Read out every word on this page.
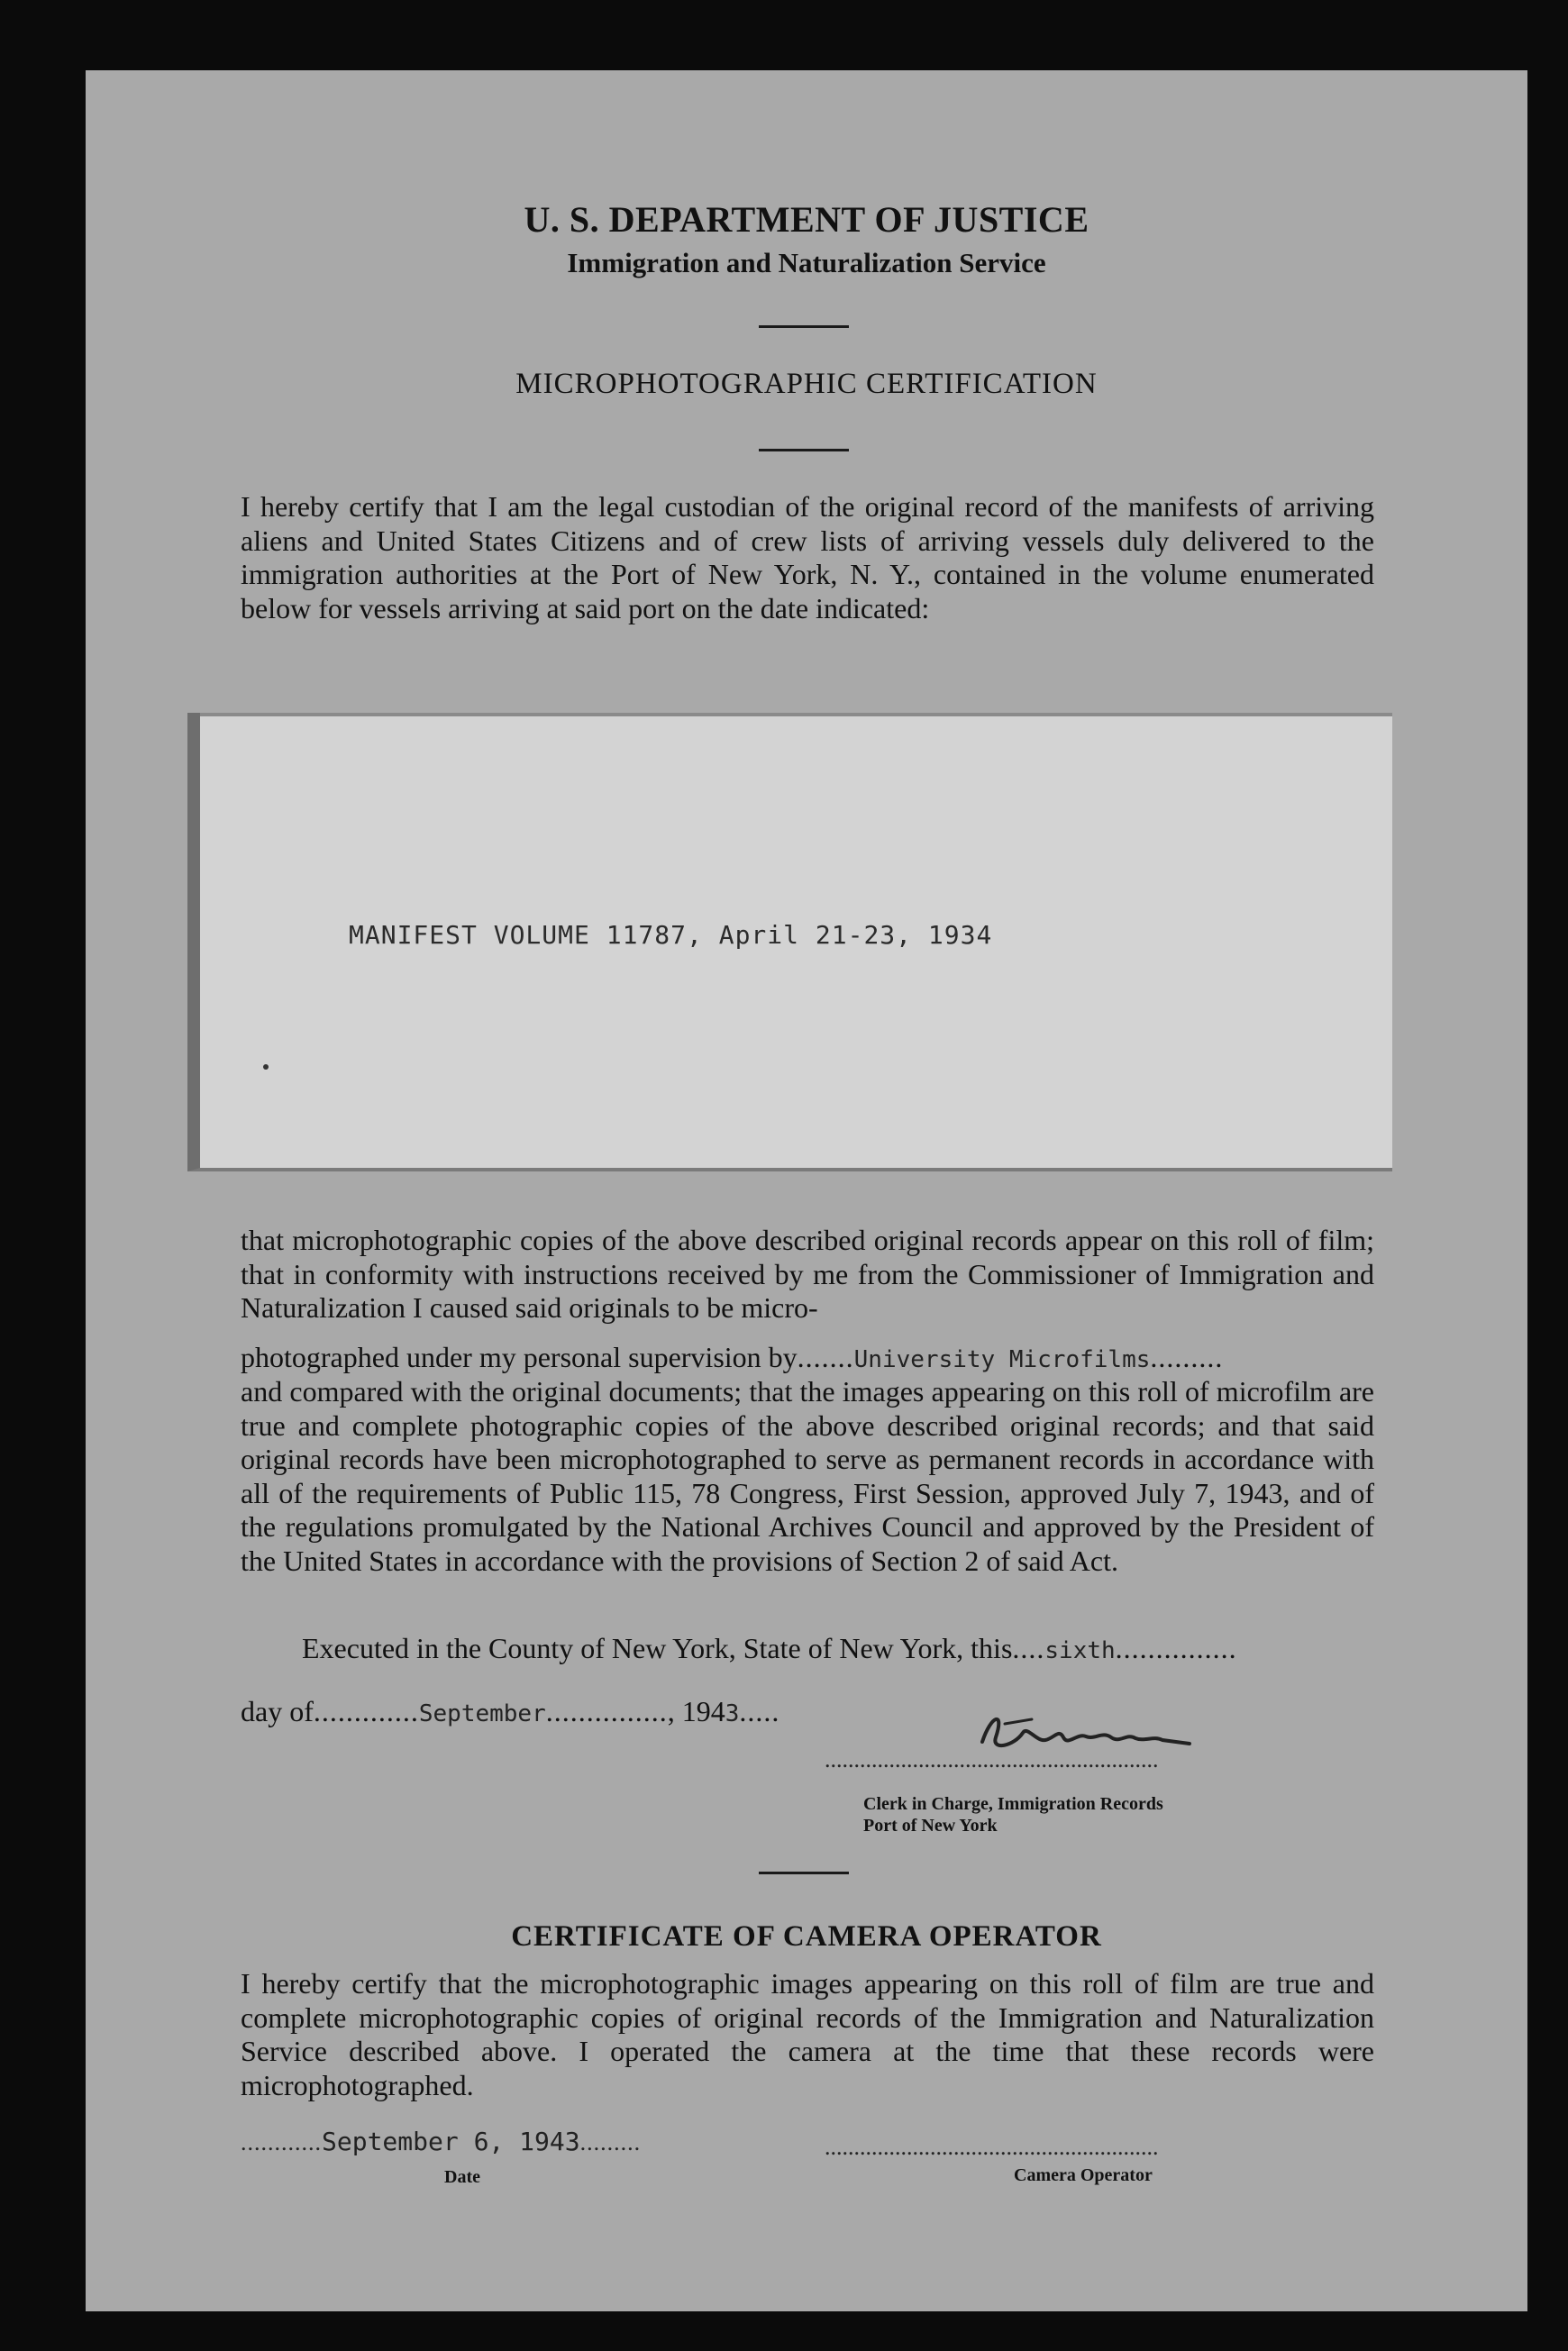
U. S. DEPARTMENT OF JUSTICE
Immigration and Naturalization Service
MICROPHOTOGRAPHIC CERTIFICATION

I hereby certify that I am the legal custodian of the original record of the manifests of arriving aliens and United States Citizens and of crew lists of arriving vessels duly delivered to the immigration authorities at the Port of New York, N. Y., contained in the volume enumerated below for vessels arriving at said port on the date indicated:

MANIFEST VOLUME 11787, April 21-23, 1934

that microphotographic copies of the above described original records appear on this roll of film; that in conformity with instructions received by me from the Commissioner of Immigration and Naturalization I caused said originals to be micro-

photographed under my personal supervision by.......University Microfilms.........

and compared with the original documents; that the images appearing on this roll of microfilm are true and complete photographic copies of the above described original records; and that said original records have been microphotographed to serve as permanent records in accordance with all of the requirements of Public 115, 78 Congress, First Session, approved July 7, 1943, and of the regulations promulgated by the National Archives Council and approved by the President of the United States in accordance with the provisions of Section 2 of said Act.

Executed in the County of New York, State of New York, this....sixth...............
day of.............September..............., 1943.....
.........................................................
Clerk in Charge, Immigration Records
Port of New York
CERTIFICATE OF CAMERA OPERATOR

I hereby certify that the microphotographic images appearing on this roll of film are true and complete microphotographic copies of original records of the Immigration and Naturalization Service described above. I operated the camera at the time that these records were microphotographed.

............September 6, 1943.........	.........................................................
Date	Camera Operator
